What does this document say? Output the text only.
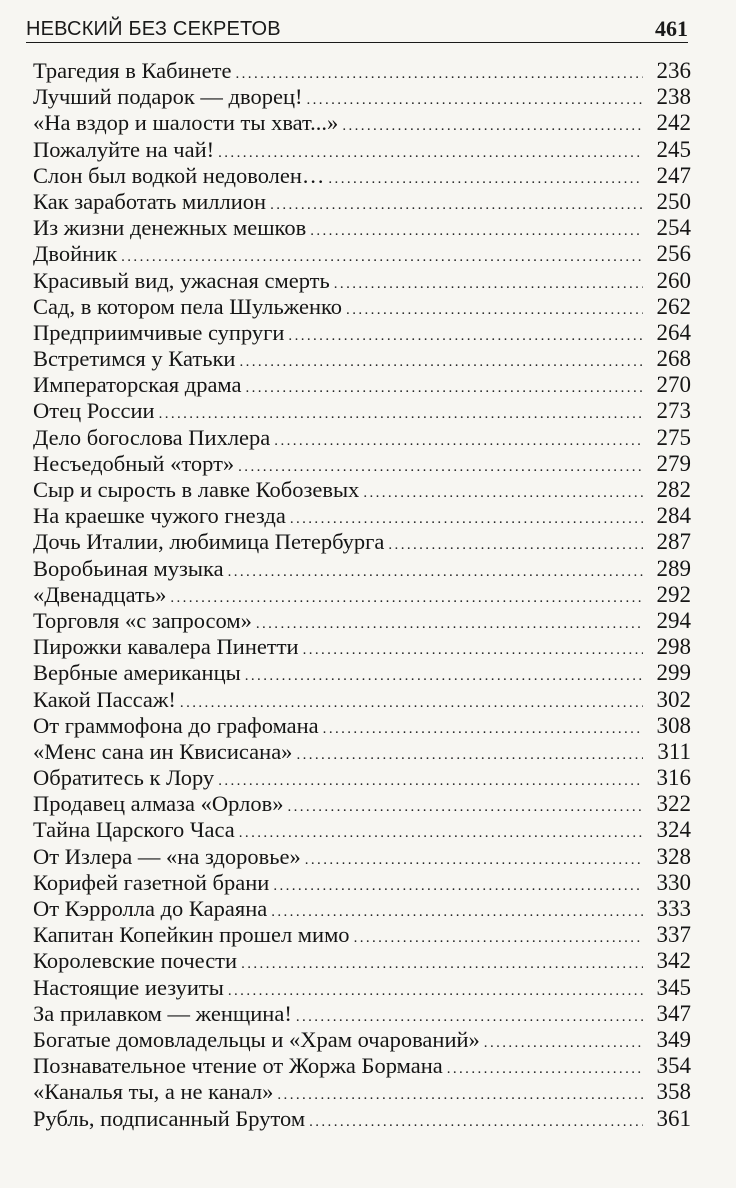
НЕВСКИЙ БЕЗ СЕКРЕТОВ	461
Трагедия в Кабинете .....	236
Лучший подарок — дворец! .....	238
«На вздор и шалости ты хват...» .....	242
Пожалуйте на чай! .....	245
Слон был водкой недоволен… .....	247
Как заработать миллион .....	250
Из жизни денежных мешков .....	254
Двойник .....	256
Красивый вид, ужасная смерть .....	260
Сад, в котором пела Шульженко .....	262
Предприимчивые супруги .....	264
Встретимся у Катьки .....	268
Императорская драма .....	270
Отец России .....	273
Дело богослова Пихлера .....	275
Несъедобный «торт» .....	279
Сыр и сырость в лавке Кобозевых .....	282
На краешке чужого гнезда .....	284
Дочь Италии, любимица Петербурга .....	287
Воробьиная музыка .....	289
«Двенадцать» .....	292
Торговля «с запросом» .....	294
Пирожки кавалера Пинетти .....	298
Вербные американцы .....	299
Какой Пассаж! .....	302
От граммофона до графомана .....	308
«Менс сана ин Квисисана» .....	311
Обратитесь к Лору .....	316
Продавец алмаза «Орлов» .....	322
Тайна Царского Часа .....	324
От Излера — «на здоровье» .....	328
Корифей газетной брани .....	330
От Кэрролла до Караяна .....	333
Капитан Копейкин прошел мимо .....	337
Королевские почести .....	342
Настоящие иезуиты .....	345
За прилавком — женщина! .....	347
Богатые домовладельцы и «Храм очарований» .....	349
Познавательное чтение от Жоржа Бормана .....	354
«Каналья ты, а не канал» .....	358
Рубль, подписанный Брутом .....	361
